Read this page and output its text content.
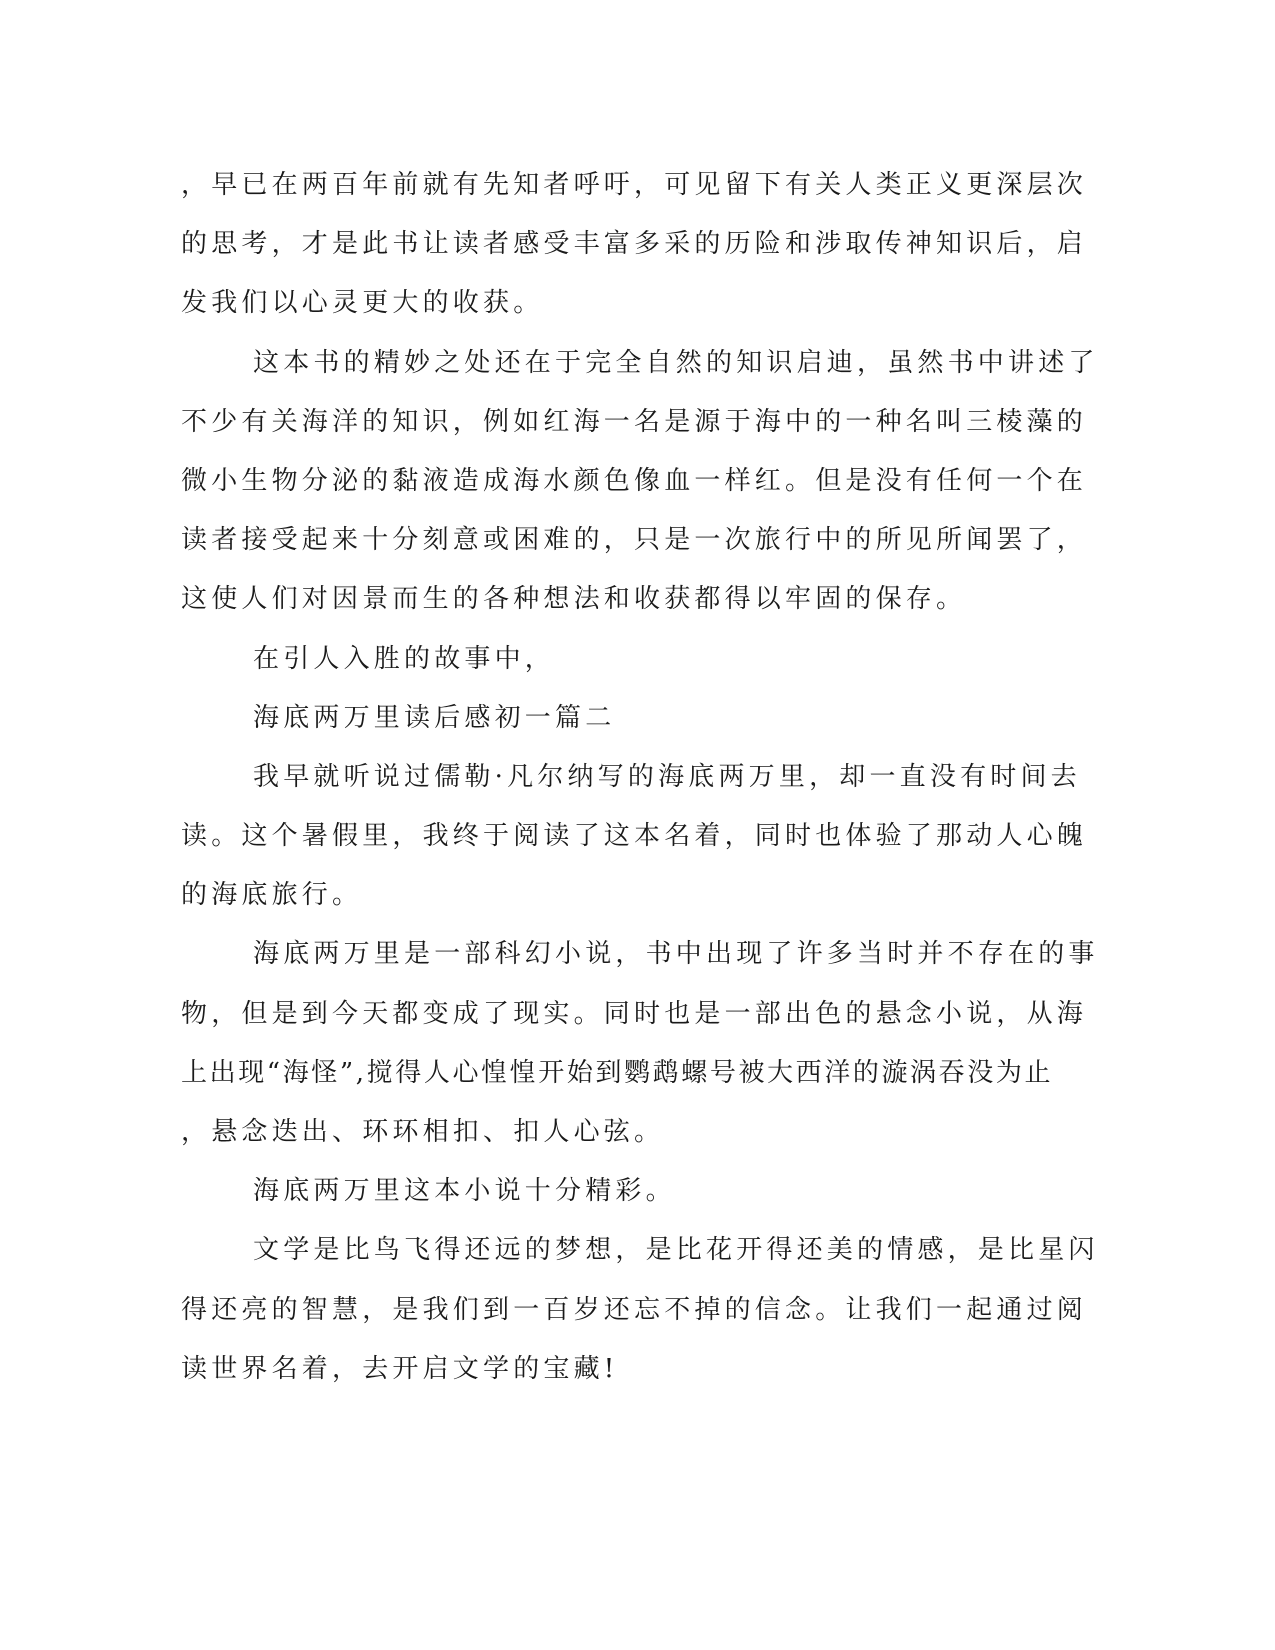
，早已在两百年前就有先知者呼吁，可见留下有关人类正义更深层次
的思考，才是此书让读者感受丰富多采的历险和涉取传神知识后，启
发我们以心灵更大的收获。
这本书的精妙之处还在于完全自然的知识启迪，虽然书中讲述了
不少有关海洋的知识，例如红海一名是源于海中的一种名叫三棱藻的
微小生物分泌的黏液造成海水颜色像血一样红。但是没有任何一个在
读者接受起来十分刻意或困难的，只是一次旅行中的所见所闻罢了，
这使人们对因景而生的各种想法和收获都得以牢固的保存。
在引人入胜的故事中，
海底两万里读后感初一篇二
我早就听说过儒勒·凡尔纳写的海底两万里，却一直没有时间去
读。这个暑假里，我终于阅读了这本名着，同时也体验了那动人心魄
的海底旅行。
海底两万里是一部科幻小说，书中出现了许多当时并不存在的事
物，但是到今天都变成了现实。同时也是一部出色的悬念小说，从海
上出现“海怪”,搅得人心惶惶开始到鹦鹉螺号被大西洋的漩涡吞没为止
，悬念迭出、环环相扣、扣人心弦。
海底两万里这本小说十分精彩。
文学是比鸟飞得还远的梦想，是比花开得还美的情感，是比星闪
得还亮的智慧，是我们到一百岁还忘不掉的信念。让我们一起通过阅
读世界名着，去开启文学的宝藏!
